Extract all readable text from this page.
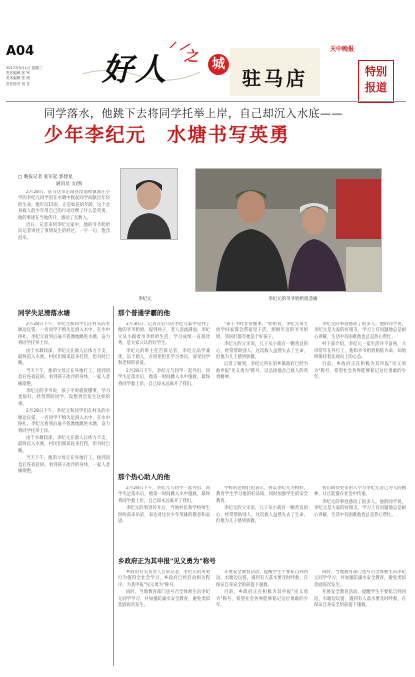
A04
2017年5月1日 星期三
责任编辑 张 军
美术编辑 张 明
责任校对 刘 芳	好人 之	城
驻马店
天中晚报
特别
报道
同学落水，他跳下去将同学托举上岸，自己却沉入水底——
少年李纪元　水塘书写英勇
□ 晚报记者 张军起 郭建星
通讯员 文/图

2月28日，驻马店市正阳县汝南埠镇郭庄小学的李纪元同学因在水塘中救起同学而献出年轻的生命。他年仅15岁，正是如花的年龄，这个舍身救人的少年用自己的行动诠释了什么是英勇，他的事迹在当地传开，感动了无数人。

近日，记者来到李纪元家中，他的爷爷奶奶向记者讲述了事情发生的经过，一字一句，饱含泪水。

李纪元	李纪元的爷爷奶奶很悲痛
同学失足滑落水塘

2月28日下午，李纪元和同学们在村头的水塘边玩耍，一名同学不慎失足滑入水中，在水中挣扎。李纪元看到后毫不犹豫地跳进水塘，奋力将同学托举上岸。

由于水塘较深，李纪元在救人后体力不支，最终沉入水底。村民们闻讯赶来打捞，但为时已晚。

当天下午，他的父母正在外地打工，接到消息后连夜赶回。看到孩子冰冷的身体，一家人悲痛欲绝。

李纪元的爷爷说，孩子平时就很懂事，学习也很好，经常帮助同学，没想到会发生这样的事。

2月28日下午，李纪元和同学们在村头的水塘边玩耍，一名同学不慎失足滑入水中，在水中挣扎。李纪元看到后毫不犹豫地跳进水塘，奋力将同学托举上岸。

由于水塘较深，李纪元在救人后体力不支，最终沉入水底。村民们闻讯赶来打捞，但为时已晚。

当天下午，他的父母正在外地打工，接到消息后连夜赶回。看到孩子冰冷的身体，一家人悲痛欲绝。

那个普通学霸的他

2月30日，记者在驻马店李纪元家中见到了他的爷爷奶奶。提到孙子，老人泪流满面，李纪元从小跟着爷爷奶奶生活，学习成绩一直很优秀，是大家公认的好学生。

李纪元的班主任告诉记者，李纪元品学兼优，乐于助人，在班里担任学习委员，深受同学和老师的喜爱。

2月28日下午，李纪元与同学一起外出，同学失足落水后，他第一时间跳入水中施救，最终将同学救上岸，自己却永远离开了我们。

"孩子平时非常懂事。"奶奶说，李纪元每天放学回家都会帮家里干活，照顾年迈的爷爷奶奶，邻居们都夸他是个好孩子。

李纪元的父亲说，儿子从小就有一颗善良的心，经常帮助别人，这次救人虽然失去了生命，但他为儿子感到骄傲。

记者了解到，李纪元所在的乡镇政府已经为他申报"见义勇为"称号，以弘扬他舍己救人的英勇精神。

李纪元的事迹感动了很多人。他的同学说，李纪元是大家的好朋友，学习上有问题他总是耐心讲解，生活中有困难他也总是热心帮忙。

村干部介绍，李纪元一家生活并不富裕，父母常年在外打工，他和爷爷奶奶相依为命，却始终保持着乐观向上的心态。

目前，乡政府正在积极为其申报"见义勇为"称号，希望社会各界能够铭记这位勇敢的少年。

那个热心助人的他

2月28日下午，李纪元与同学一起外出，同学失足落水后，他第一时间跳入水中施救，最终将同学救上岸，自己却永远离开了我们。

李纪元的事迹传开后，当地村民和学校师生纷纷前来吊唁，表达对这位少年英雄的敬意和哀思。

学校的老师们也表示，将以李纪元为榜样，教育学生学习他的好品质，同时加强学生的安全教育。

李纪元的父亲说，儿子从小就有一颗善良的心，经常帮助别人，这次救人虽然失去了生命，但他为儿子感到骄傲。

我们期待更多的人学习李纪元舍己为人的精神，让正能量在社会中传递。

李纪元的事迹感动了很多人。他的同学说，李纪元是大家的好朋友，学习上有问题他总是耐心讲解，生活中有困难他也总是热心帮忙。

乡政府正为其申报"见义勇为"称号

乡政府有关负责人告诉记者，李纪元的英勇行为值得全社会学习，乡政府已经启动相关程序，为其申报"见义勇为"称号。

同时，当地教育部门也号召全体师生向李纪元同学学习，并加强防溺水安全教育，避免类似悲剧再次发生。

开展安全教育活动，提醒学生不要私自到河边、水塘边玩耍，遇到有人落水要及时呼救，在保证自身安全的前提下施救。

目前，乡政府正在积极为其申报"见义勇为"称号，希望社会各界能够铭记这位勇敢的少年。

同时，当地教育部门也号召全体师生向李纪元同学学习，并加强防溺水安全教育，避免类似悲剧再次发生。

开展安全教育活动，提醒学生不要私自到河边、水塘边玩耍，遇到有人落水要及时呼救，在保证自身安全的前提下施救。
